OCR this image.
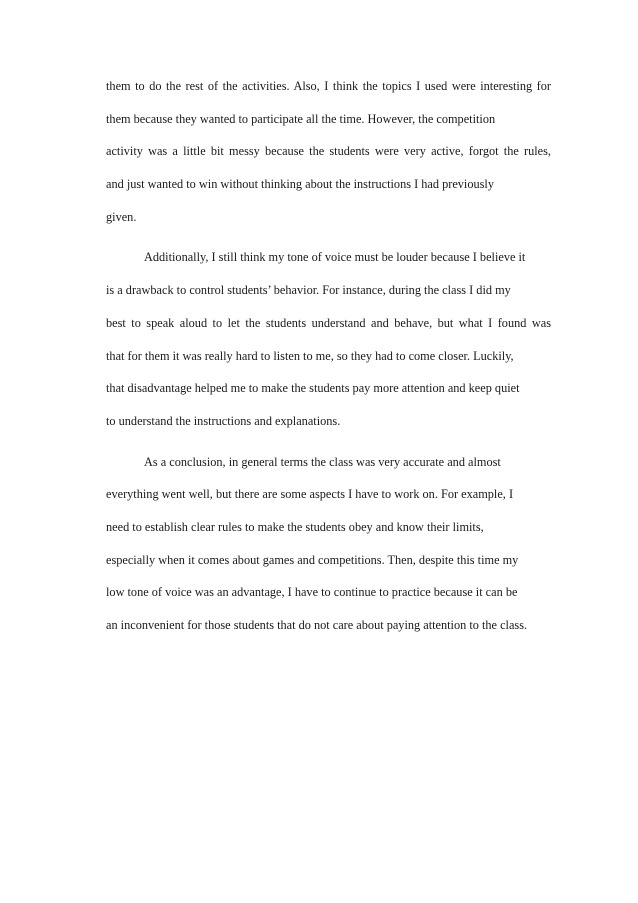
them to do the rest of the activities. Also, I think the topics I used were interesting for
them because they wanted to participate all the time. However, the competition
activity was a little bit messy because the students were very active, forgot the rules,
and just wanted to win without thinking about the instructions I had previously
given.
Additionally, I still think my tone of voice must be louder because I believe it
is a drawback to control students’ behavior. For instance, during the class I did my
best to speak aloud to let the students understand and behave, but what I found was
that for them it was really hard to listen to me, so they had to come closer. Luckily,
that disadvantage helped me to make the students pay more attention and keep quiet
to understand the instructions and explanations.
As a conclusion, in general terms the class was very accurate and almost
everything went well, but there are some aspects I have to work on. For example, I
need to establish clear rules to make the students obey and know their limits,
especially when it comes about games and competitions. Then, despite this time my
low tone of voice was an advantage, I have to continue to practice because it can be
an inconvenient for those students that do not care about paying attention to the class.
